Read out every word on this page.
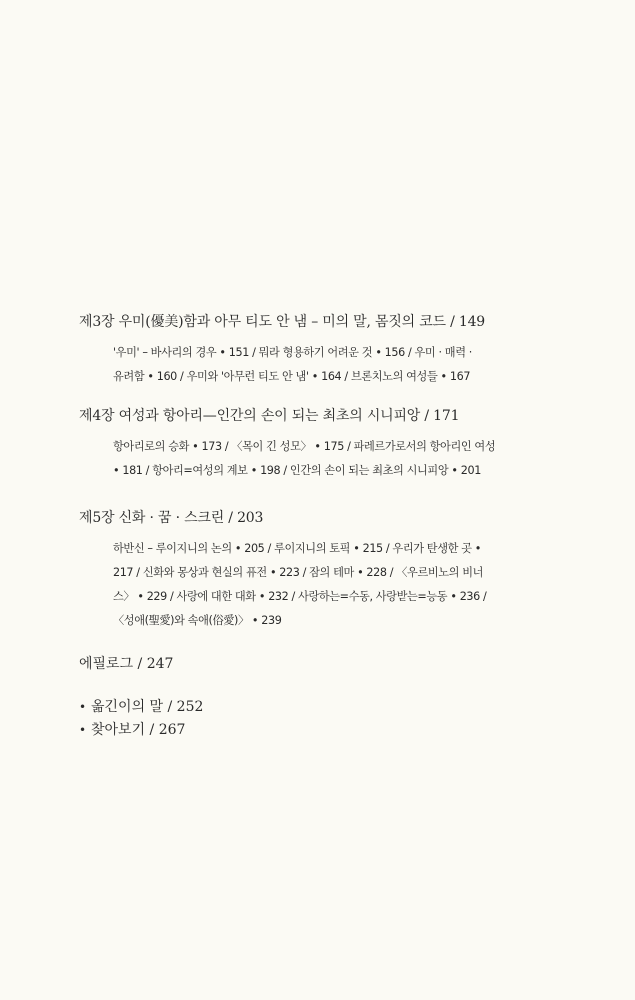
제3장 우미(優美)함과 아무 티도 안 냄 – 미의 말, 몸짓의 코드 / 149
'우미' – 바사리의 경우 • 151 / 뭐라 형용하기 어려운 것 • 156 / 우미 · 매력 ·
유려함 • 160 / 우미와 '아무런 티도 안 냄' • 164 / 브론치노의 여성들 • 167
제4장 여성과 항아리—인간의 손이 되는 최초의 시니피앙 / 171
항아리로의 승화 • 173 / 〈목이 긴 성모〉 • 175 / 파레르가로서의 항아리인 여성
• 181 / 항아리=여성의 계보 • 198 / 인간의 손이 되는 최초의 시니피앙 • 201
제5장 신화 · 꿈 · 스크린 / 203
하반신 – 루이지니의 논의 • 205 / 루이지니의 토픽 • 215 / 우리가 탄생한 곳 •
217 / 신화와 몽상과 현실의 퓨전 • 223 / 잠의 테마 • 228 / 〈우르비노의 비너
스〉 • 229 / 사랑에 대한 대화 • 232 / 사랑하는=수동, 사랑받는=능동 • 236 /
〈성애(聖愛)와 속애(俗愛)〉 • 239
에필로그 / 247
• 옮긴이의 말 / 252
• 찾아보기 / 267
